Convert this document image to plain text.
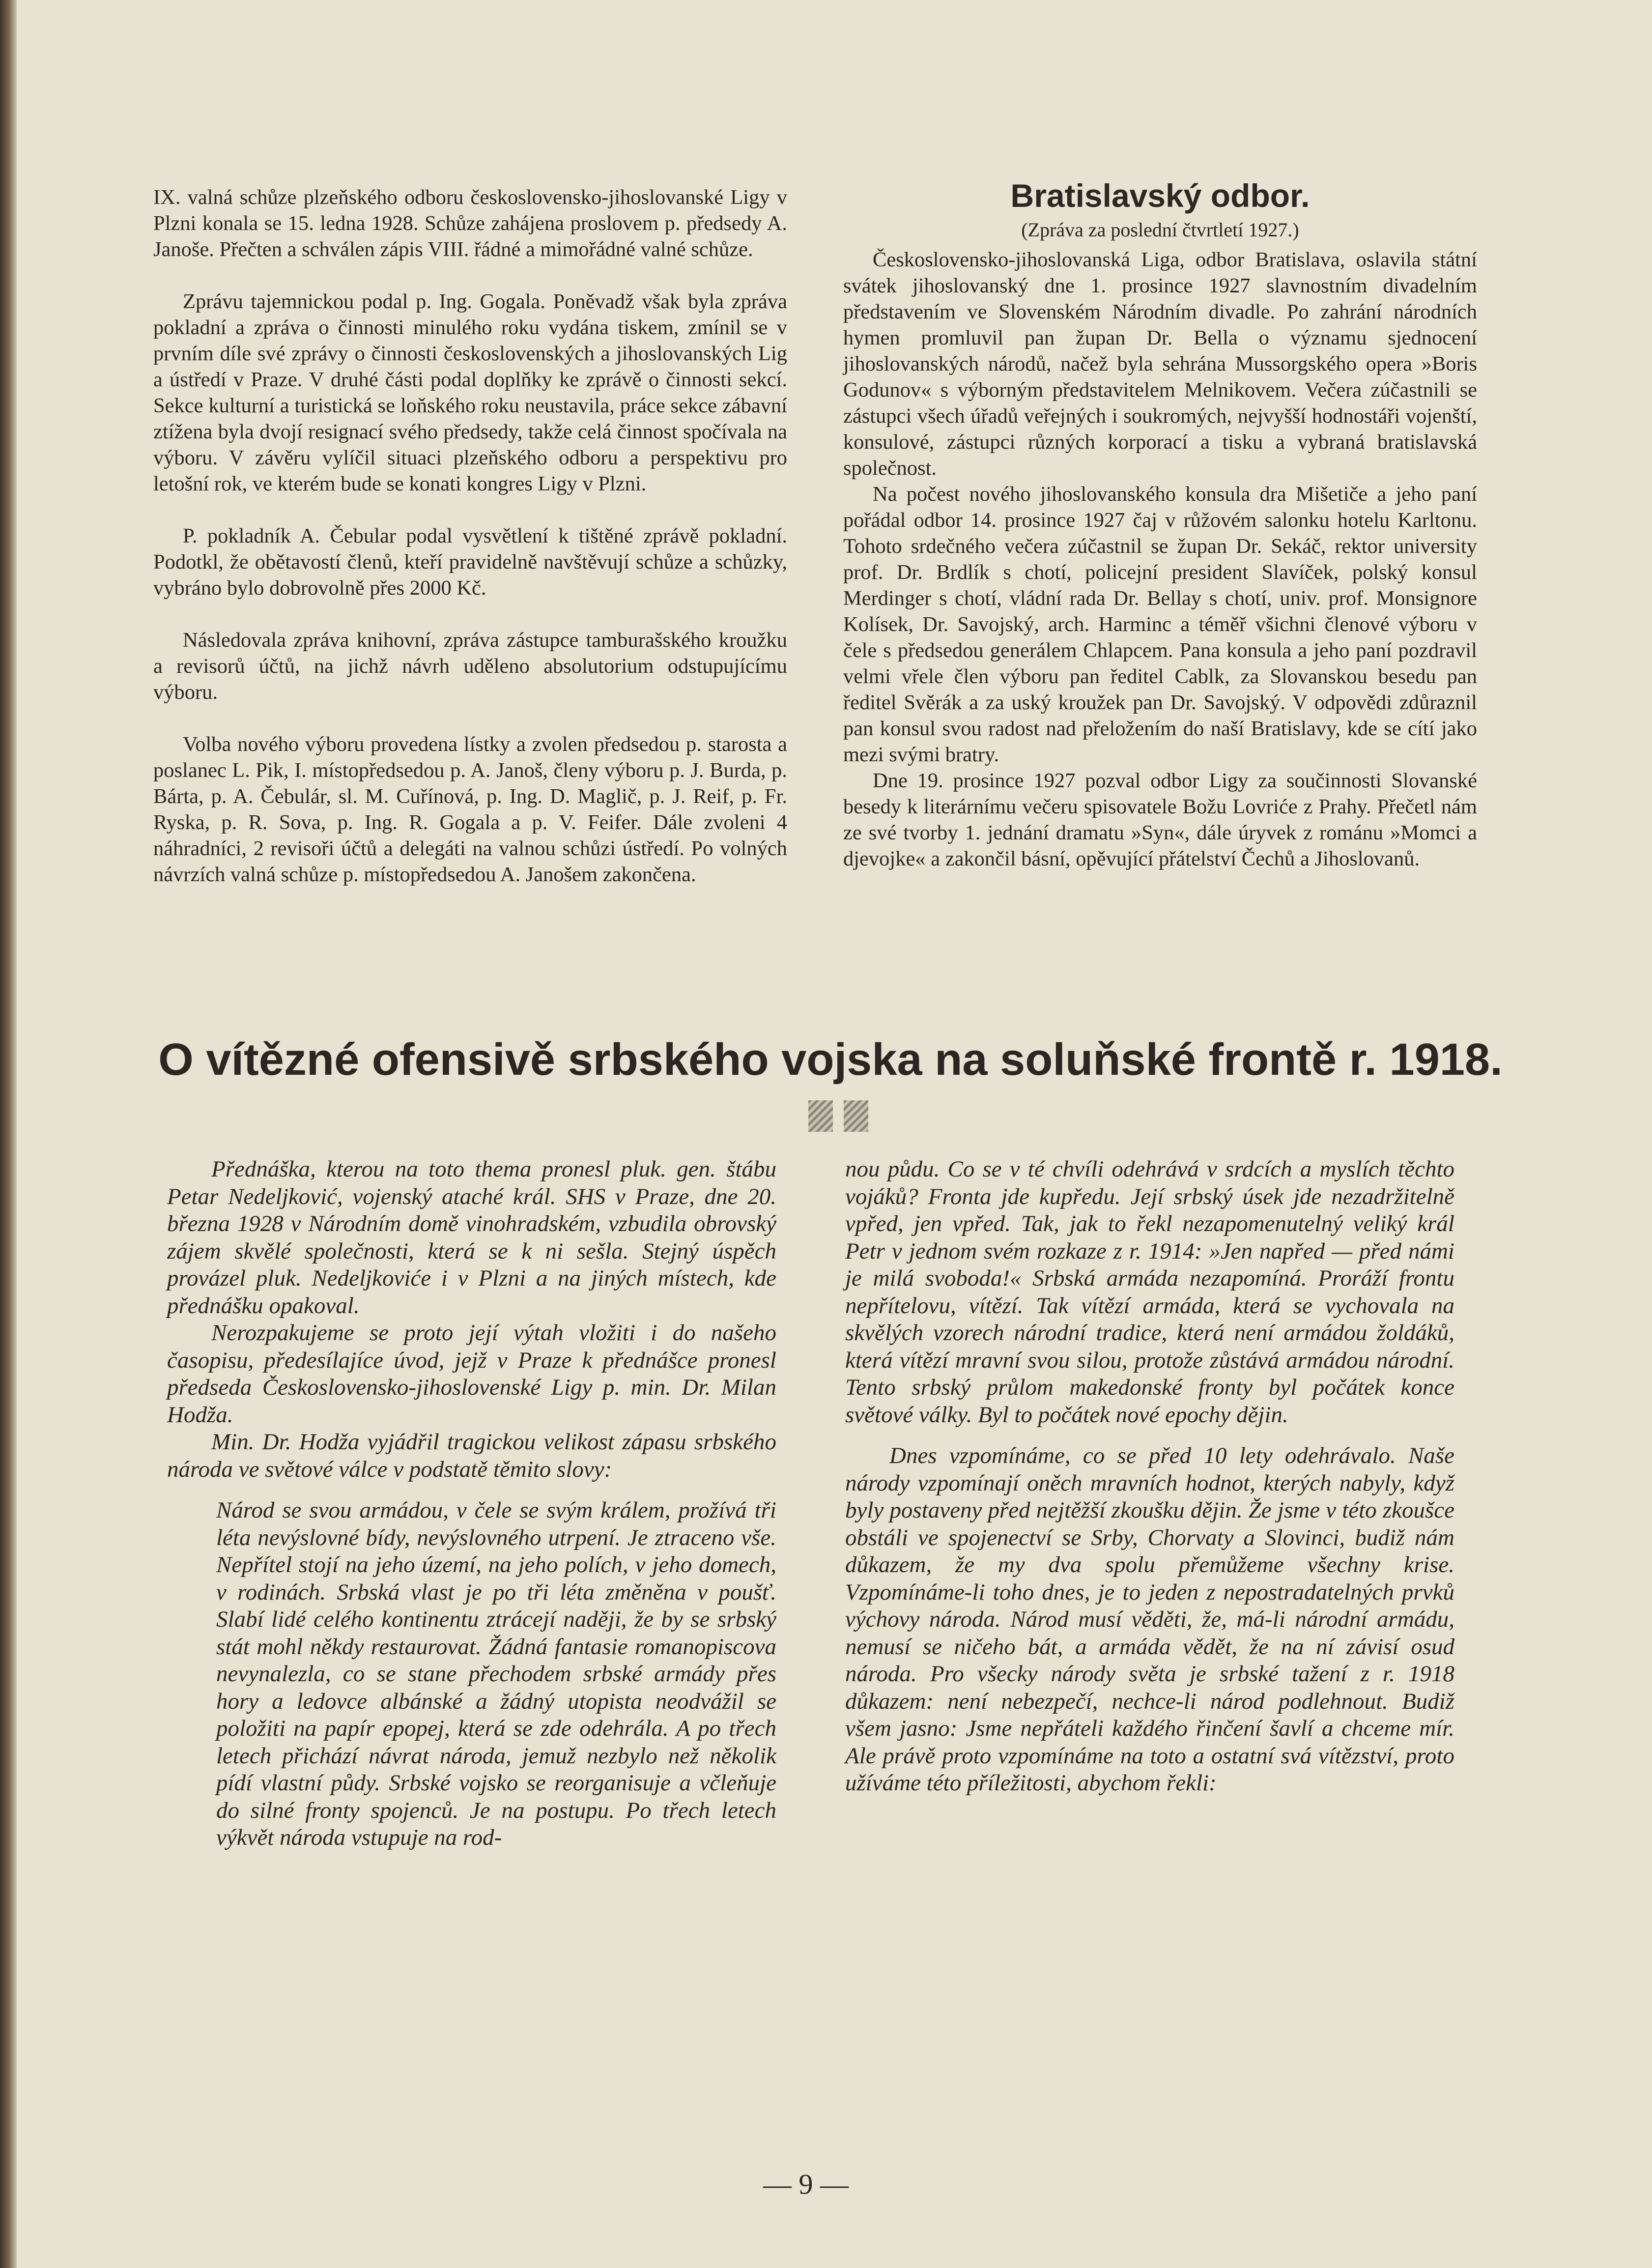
IX. valná schůze plzeňského odboru československo-jihoslovanské Ligy v Plzni konala se 15. ledna 1928. Schůze zahájena proslovem p. předsedy A. Janoše. Přečten a schválen zápis VIII. řádné a mimořádné valné schůze.

Zprávu tajemnickou podal p. Ing. Gogala. Poněvadž však byla zpráva pokladní a zpráva o činnosti minulého roku vydána tiskem, zmínil se v prvním díle své zprávy o činnosti československých a jihoslovanských Lig a ústředí v Praze. V druhé části podal doplňky ke zprávě o činnosti sekcí. Sekce kulturní a turistická se loňského roku neustavila, práce sekce zábavní ztížena byla dvojí resignací svého předsedy, takže celá činnost spočívala na výboru. V závěru vylíčil situaci plzeňského odboru a perspektivu pro letošní rok, ve kterém bude se konati kongres Ligy v Plzni.

P. pokladník A. Čebular podal vysvětlení k tištěné zprávě pokladní. Podotkl, že obětavostí členů, kteří pravidelně navštěvují schůze a schůzky, vybráno bylo dobrovolně přes 2000 Kč.

Následovala zpráva knihovní, zpráva zástupce tamburašského kroužku a revisorů účtů, na jichž návrh uděleno absolutorium odstupujícímu výboru.

Volba nového výboru provedena lístky a zvolen předsedou p. starosta a poslanec L. Pik, I. místopředsedou p. A. Janoš, členy výboru p. J. Burda, p. Bárta, p. A. Čebulár, sl. M. Cuřínová, p. Ing. D. Maglič, p. J. Reif, p. Fr. Ryska, p. R. Sova, p. Ing. R. Gogala a p. V. Feifer. Dále zvoleni 4 náhradníci, 2 revisoři účtů a delegáti na valnou schůzi ústředí. Po volných návrzích valná schůze p. místopředsedou A. Janošem zakončena.

Bratislavský odbor.
(Zpráva za poslední čtvrtletí 1927.)

Československo-jihoslovanská Liga, odbor Bratislava, oslavila státní svátek jihoslovanský dne 1. prosince 1927 slavnostním divadelním představením ve Slovenském Národním divadle. Po zahrání národních hymen promluvil pan župan Dr. Bella o významu sjednocení jihoslovanských národů, načež byla sehrána Mussorgského opera »Boris Godunov« s výborným představitelem Melnikovem. Večera zúčastnili se zástupci všech úřadů veřejných i soukromých, nejvyšší hodnostáři vojenští, konsulové, zástupci různých korporací a tisku a vybraná bratislavská společnost.

Na počest nového jihoslovanského konsula dra Mišetiče a jeho paní pořádal odbor 14. prosince 1927 čaj v růžovém salonku hotelu Karltonu. Tohoto srdečného večera zúčastnil se župan Dr. Sekáč, rektor university prof. Dr. Brdlík s chotí, policejní president Slavíček, polský konsul Merdinger s chotí, vládní rada Dr. Bellay s chotí, univ. prof. Monsignore Kolísek, Dr. Savojský, arch. Harminc a téměř všichni členové výboru v čele s předsedou generálem Chlapcem. Pana konsula a jeho paní pozdravil velmi vřele člen výboru pan ředitel Cablk, za Slovanskou besedu pan ředitel Svěrák a za uský kroužek pan Dr. Savojský. V odpovědi zdůraznil pan konsul svou radost nad přeložením do naší Bratislavy, kde se cítí jako mezi svými bratry.

Dne 19. prosince 1927 pozval odbor Ligy za součinnosti Slovanské besedy k literárnímu večeru spisovatele Božu Lovriće z Prahy. Přečetl nám ze své tvorby 1. jednání dramatu »Syn«, dále úryvek z románu »Momci a djevojke« a zakončil básní, opěvující přátelství Čechů a Jihoslovanů.

O vítězné ofensivě srbského vojska na soluňské frontě r. 1918.

Přednáška, kterou na toto thema pronesl pluk. gen. štábu Petar Nedeljković, vojenský ataché král. SHS v Praze, dne 20. března 1928 v Národním domě vinohradském, vzbudila obrovský zájem skvělé společnosti, která se k ni sešla. Stejný úspěch provázel pluk. Nedeljkoviće i v Plzni a na jiných místech, kde přednášku opakoval.

Nerozpakujeme se proto její výtah vložiti i do našeho časopisu, předesílajíce úvod, jejž v Praze k přednášce pronesl předseda Československo-jihoslovenské Ligy p. min. Dr. Milan Hodža.

Min. Dr. Hodža vyjádřil tragickou velikost zápasu srbského národa ve světové válce v podstatě těmito slovy:

Národ se svou armádou, v čele se svým králem, prožívá tři léta nevýslovné bídy, nevýslovného utrpení. Je ztraceno vše. Nepřítel stojí na jeho území, na jeho polích, v jeho domech, v rodinách. Srbská vlast je po tři léta změněna v poušť. Slabí lidé celého kontinentu ztrácejí naději, že by se srbský stát mohl někdy restaurovat. Žádná fantasie romanopiscova nevynalezla, co se stane přechodem srbské armády přes hory a ledovce albánské a žádný utopista neodvážil se položiti na papír epopej, která se zde odehrála. A po třech letech přichází návrat národa, jemuž nezbylo než několik pídí vlastní půdy. Srbské vojsko se reorganisuje a včleňuje do silné fronty spojenců. Je na postupu. Po třech letech výkvět národa vstupuje na rod-

nou půdu. Co se v té chvíli odehrává v srdcích a myslích těchto vojáků? Fronta jde kupředu. Její srbský úsek jde nezadržitelně vpřed, jen vpřed. Tak, jak to řekl nezapomenutelný veliký král Petr v jednom svém rozkaze z r. 1914: »Jen napřed — před námi je milá svoboda!« Srbská armáda nezapomíná. Proráží frontu nepřítelovu, vítězí. Tak vítězí armáda, která se vychovala na skvělých vzorech národní tradice, která není armádou žoldáků, která vítězí mravní svou silou, protože zůstává armádou národní. Tento srbský průlom makedonské fronty byl počátek konce světové války. Byl to počátek nové epochy dějin.

Dnes vzpomínáme, co se před 10 lety odehrávalo. Naše národy vzpomínají oněch mravních hodnot, kterých nabyly, když byly postaveny před nejtěžší zkoušku dějin. Že jsme v této zkoušce obstáli ve spojenectví se Srby, Chorvaty a Slovinci, budiž nám důkazem, že my dva spolu přemůžeme všechny krise. Vzpomínáme-li toho dnes, je to jeden z nepostradatelných prvků výchovy národa. Národ musí věděti, že, má-li národní armádu, nemusí se ničeho bát, a armáda vědět, že na ní závisí osud národa. Pro všecky národy světa je srbské tažení z r. 1918 důkazem: není nebezpečí, nechce-li národ podlehnout. Budiž všem jasno: Jsme nepřáteli každého řinčení šavlí a chceme mír. Ale právě proto vzpomínáme na toto a ostatní svá vítězství, proto užíváme této příležitosti, abychom řekli:

— 9 —
